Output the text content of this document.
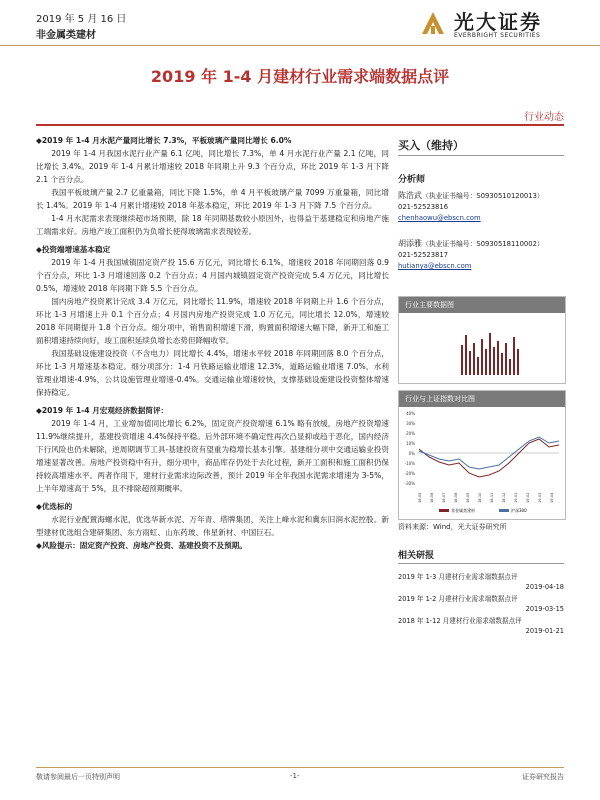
2019 年 5 月 16 日
非金属类建材
光大证券
EVERBRIGHT SECURITIES
2019 年 1-4 月建材行业需求端数据点评
行业动态

◆2019 年 1-4 月水泥产量同比增长 7.3%，平板玻璃产量同比增长 6.0%

2019 年 1-4 月我国水泥行业产量 6.1 亿吨，同比增长 7.3%，单 4 月水泥行业产量 2.1 亿吨，同比增长 3.4%。2019 年 1-4 月累计增速较 2018 年同期上升 9.3 个百分点，环比 2019 年 1-3 月下降 2.1 个百分点。

我国平板玻璃产量 2.7 亿重量箱，同比下降 1.5%，单 4 月平板玻璃产量 7099 万重量箱，同比增长 1.4%。2019 年 1-4 月累计增速较 2018 年基本稳定，环比 2019 年 1-3 月下降 7.5 个百分点。

1-4 月水泥需求表现继续超市场预期，除 18 年同期基数较小原因外，也得益于基建稳定和房地产施工端需求好。房地产竣工面积仍为负增长使得玻璃需求表现较差。

◆投资端增速基本稳定

2019 年 1-4 月我国城镇固定资产投 15.6 万亿元，同比增长 6.1%，增速较 2018 年同期回落 0.9 个百分点，环比 1-3 月增速回落 0.2 个百分点；4 月国内城镇固定资产投资完成 5.4 万亿元，同比增长 0.5%，增速较 2018 年同期下降 5.5 个百分点。

国内房地产投资累计完成 3.4 万亿元，同比增长 11.9%，增速较 2018 年同期上升 1.6 个百分点，环比 1-3 月增速上升 0.1 个百分点；4 月国内房地产投资完成 1.0 万亿元，同比增长 12.0%，增速较 2018 年同期提升 1.8 个百分点。细分项中，销售面积增速下滑，购置面积增速大幅下降，新开工和施工面积增速持续向好，竣工面积延续负增长态势但降幅收窄。

我国基础设施建设投资（不含电力）同比增长 4.4%，增速水平较 2018 年同期回落 8.0 个百分点，环比 1-3 月增速基本稳定。细分项部分：1-4 月铁路运输业增速 12.3%，道路运输业增速 7.0%，水利管理业增速-4.9%，公共设施管理业增速-0.4%。交通运输业增速较快，支撑基础设施建设投资整体增速保持稳定。

◆2019 年 1-4 月宏观经济数据简评：

2019 年 1-4 月，工业增加值同比增长 6.2%，固定资产投资增速 6.1% 略有放缓，房地产投资增速 11.9%继续提升，基建投资增速 4.4%保持平稳。后外部环境不确定性再次凸显抑或趋于恶化，国内经济下行风险也仍未解除，逆周期调节工具-基建投资有望重为稳增长基本引擎。基建细分项中交通运输业投资增速显著改善。房地产投资稳中有升，细分项中，商品库存仍处于去化过程，新开工面积和施工面积仍保持较高增速水平。两者作用下，建材行业需求边际改善，预计 2019 年全年我国水泥需求增速为 3-5%，上半年增速高于 5%，且不排除超预期概率。

◆优选标的

水泥行业配置海螺水泥，优选华新水泥、万年青、塔牌集团，关注上峰水泥和冀东旧润水泥控股。新型建材优选组合建研集团、东方雨虹、山东药玻、伟星新材、中国巨石。

◆风险提示：固定资产投资、房地产投资、基建投资不及预期。

买入（维持）
分析师
陈浩武（执业证书编号：S0930510120013）
021-52523816
chenhaowu@ebscn.com
胡添雅（执业证书编号：S0930518110002）
021-52523817
hutianya@ebscn.com
行业主要数据图
行业与上证指数对比图
40%
30%
20%
10%
0%
-10%
-20%
-30%
18-05 18-06 18-07 18-08 18-09 18-10 18-11 18-12 19-01 19-02 19-03 19-04
非金属类建材	沪深300
资料来源：Wind，光大证券研究所
相关研报
2019 年 1-3 月建材行业需求端数据点评
2019-04-18
2019 年 1-2 月建材行业需求端数据点评
2019-03-15
2018 年 1-12 月建材行业需求端数据点评
2019-01-21
敬请参阅最后一页特别声明	-1-	证券研究报告
